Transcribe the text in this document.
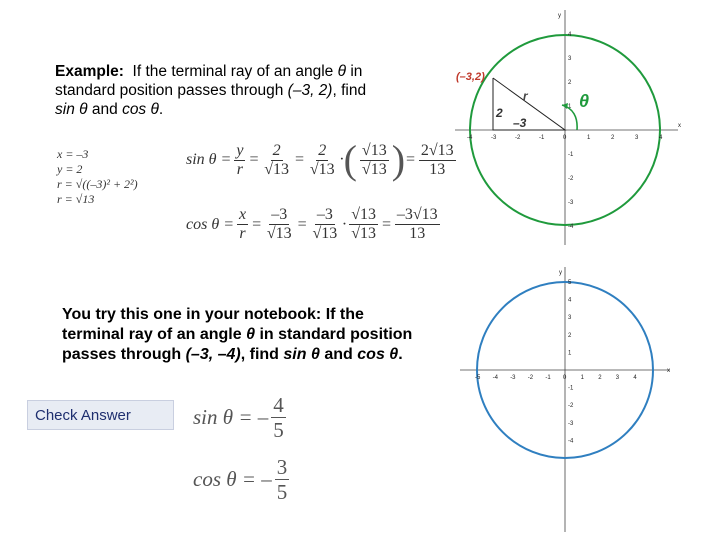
Example: If the terminal ray of an angle θ in
standard position passes through (–3, 2), find
sin θ and cos θ.
x = –3
y = 2
r = √((–3)² + 2²)
r = √13
$\sin \theta = \frac{y}{r} = \frac{2}{√13} = \frac{2}{√13}$ · ( $\frac{√13}{√13}$ ) = $\frac{2√13}{13}$
$\cos \theta = \frac{x}{r} = \frac{-3}{√13} = \frac{-3}{√13} \cdot \frac{√13}{√13} = \frac{-3√13}{13}$
-4	-3	-2	-1	0	1	2	3	4
4
3
2
1
-1
-2
-3
-4
x
y
(–3,2)
r
2
–3
θ
You try this one in your notebook: If the
terminal ray of an angle θ in standard position
passes through (–3, –4), find sin θ and cos θ.
Check Answer	sin θ = – $\frac{4}{5}$
cos θ = – $\frac{3}{5}$
-5 -4 -3 -2 -1 0 1 2 3 4
5
4
3
2
1
-1
-2
-3
-4
x
y
